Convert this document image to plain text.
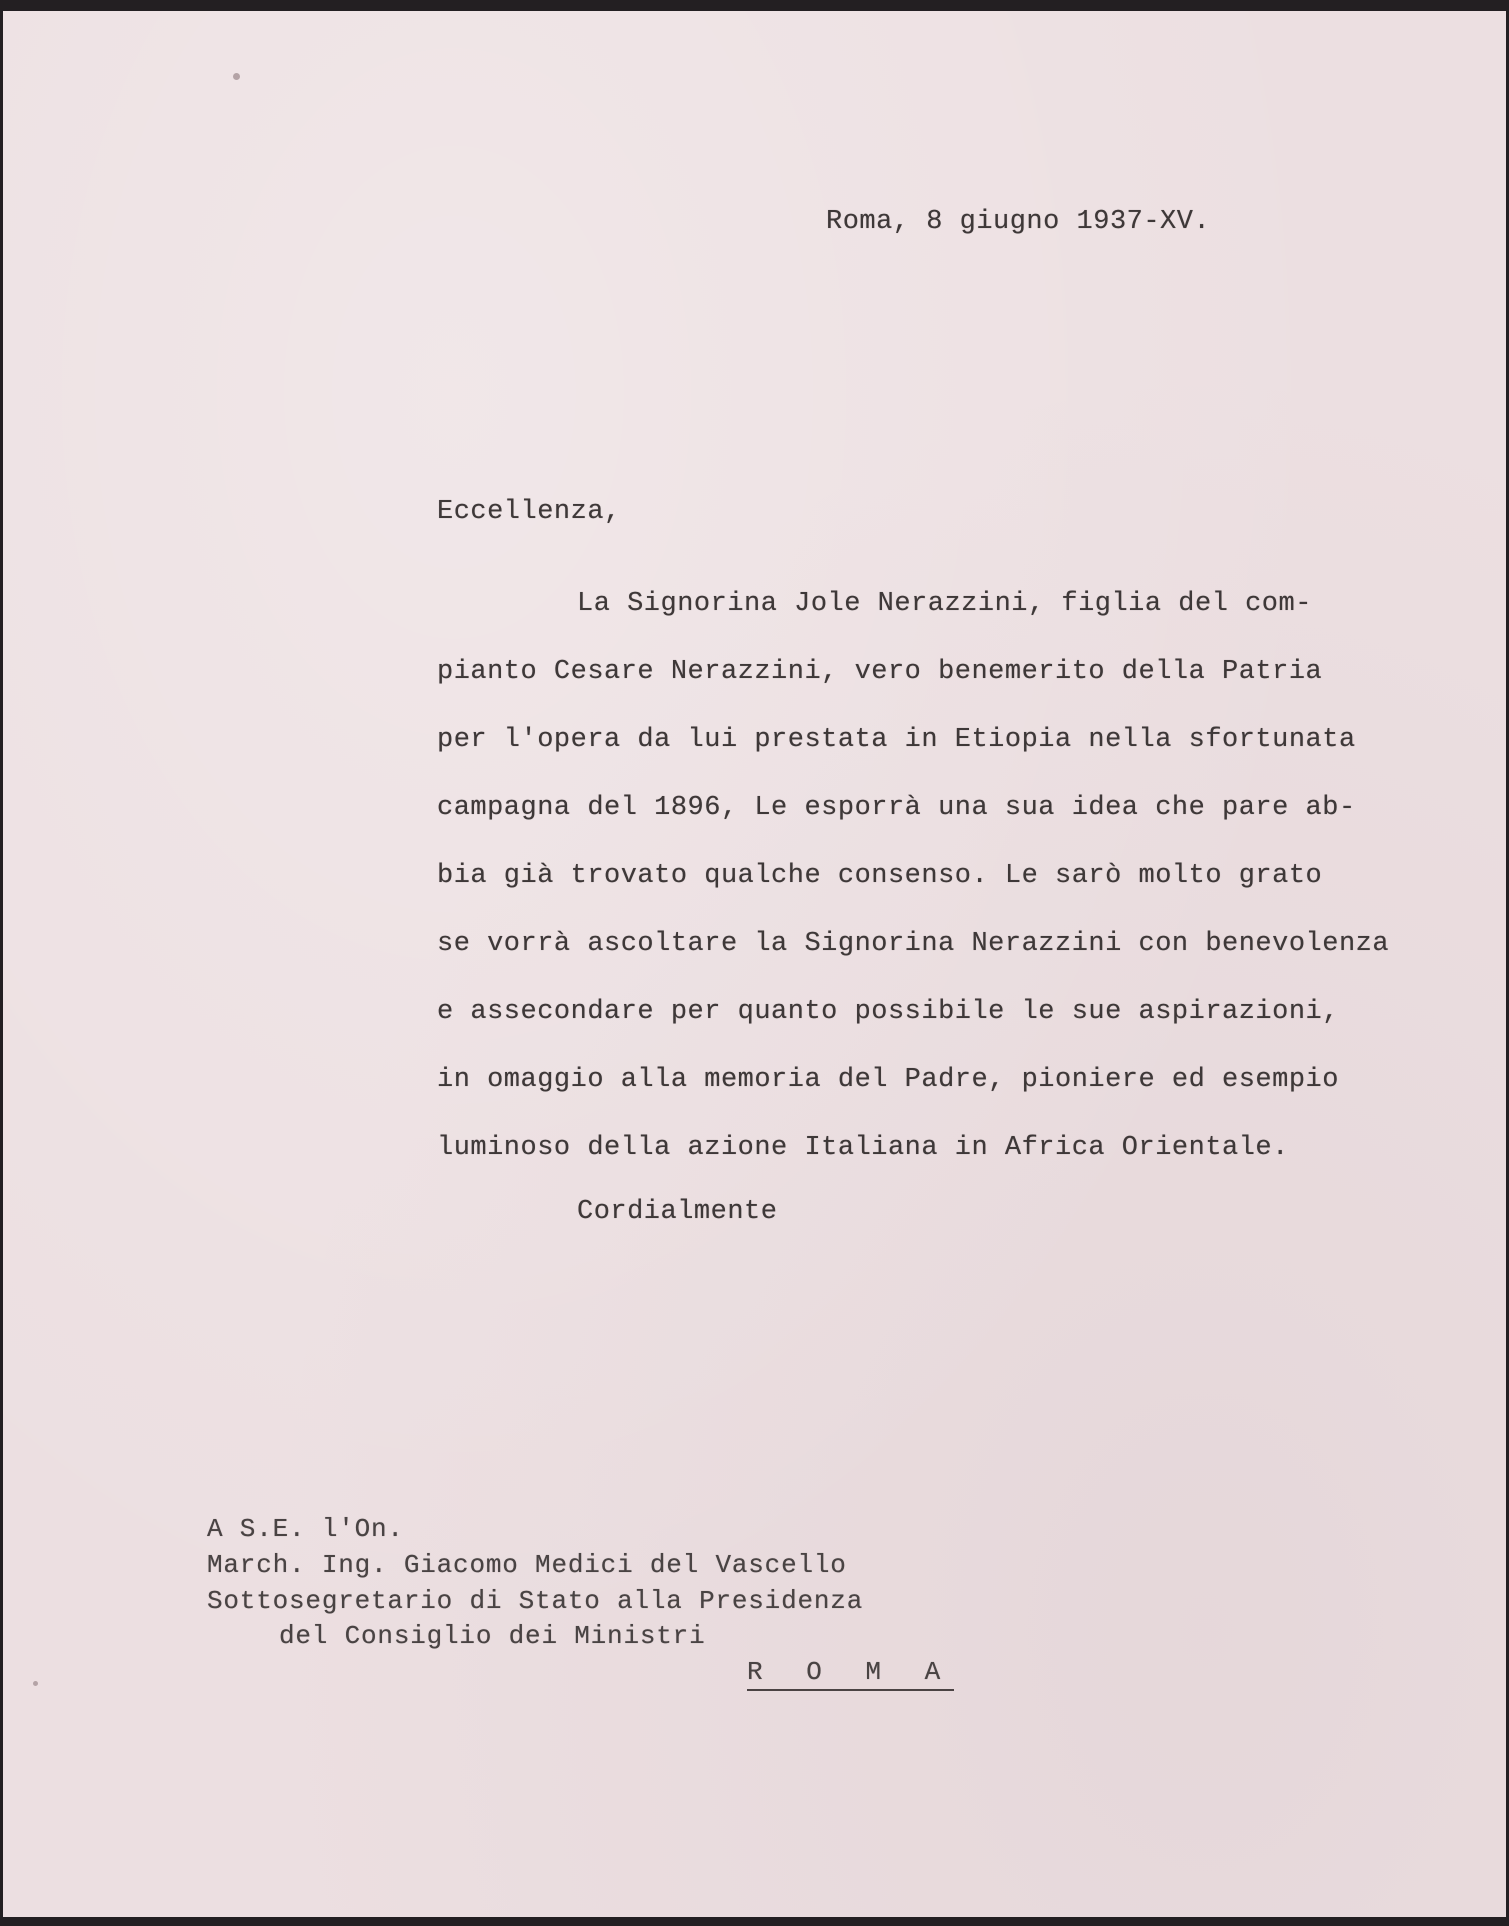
Roma, 8 giugno 1937-XV.
Eccellenza,
La Signorina Jole Nerazzini, figlia del com-
pianto Cesare Nerazzini, vero benemerito della Patria
per l'opera da lui prestata in Etiopia nella sfortunata
campagna del 1896, Le esporrà una sua idea che pare ab-
bia già trovato qualche consenso. Le sarò molto grato
se vorrà ascoltare la Signorina Nerazzini con benevolenza
e assecondare per quanto possibile le sue aspirazioni,
in omaggio alla memoria del Padre, pioniere ed esempio
luminoso della azione Italiana in Africa Orientale.
Cordialmente
A S.E. l'On.
March. Ing. Giacomo Medici del Vascello
Sottosegretario di Stato alla Presidenza
del Consiglio dei Ministri
R O M A
